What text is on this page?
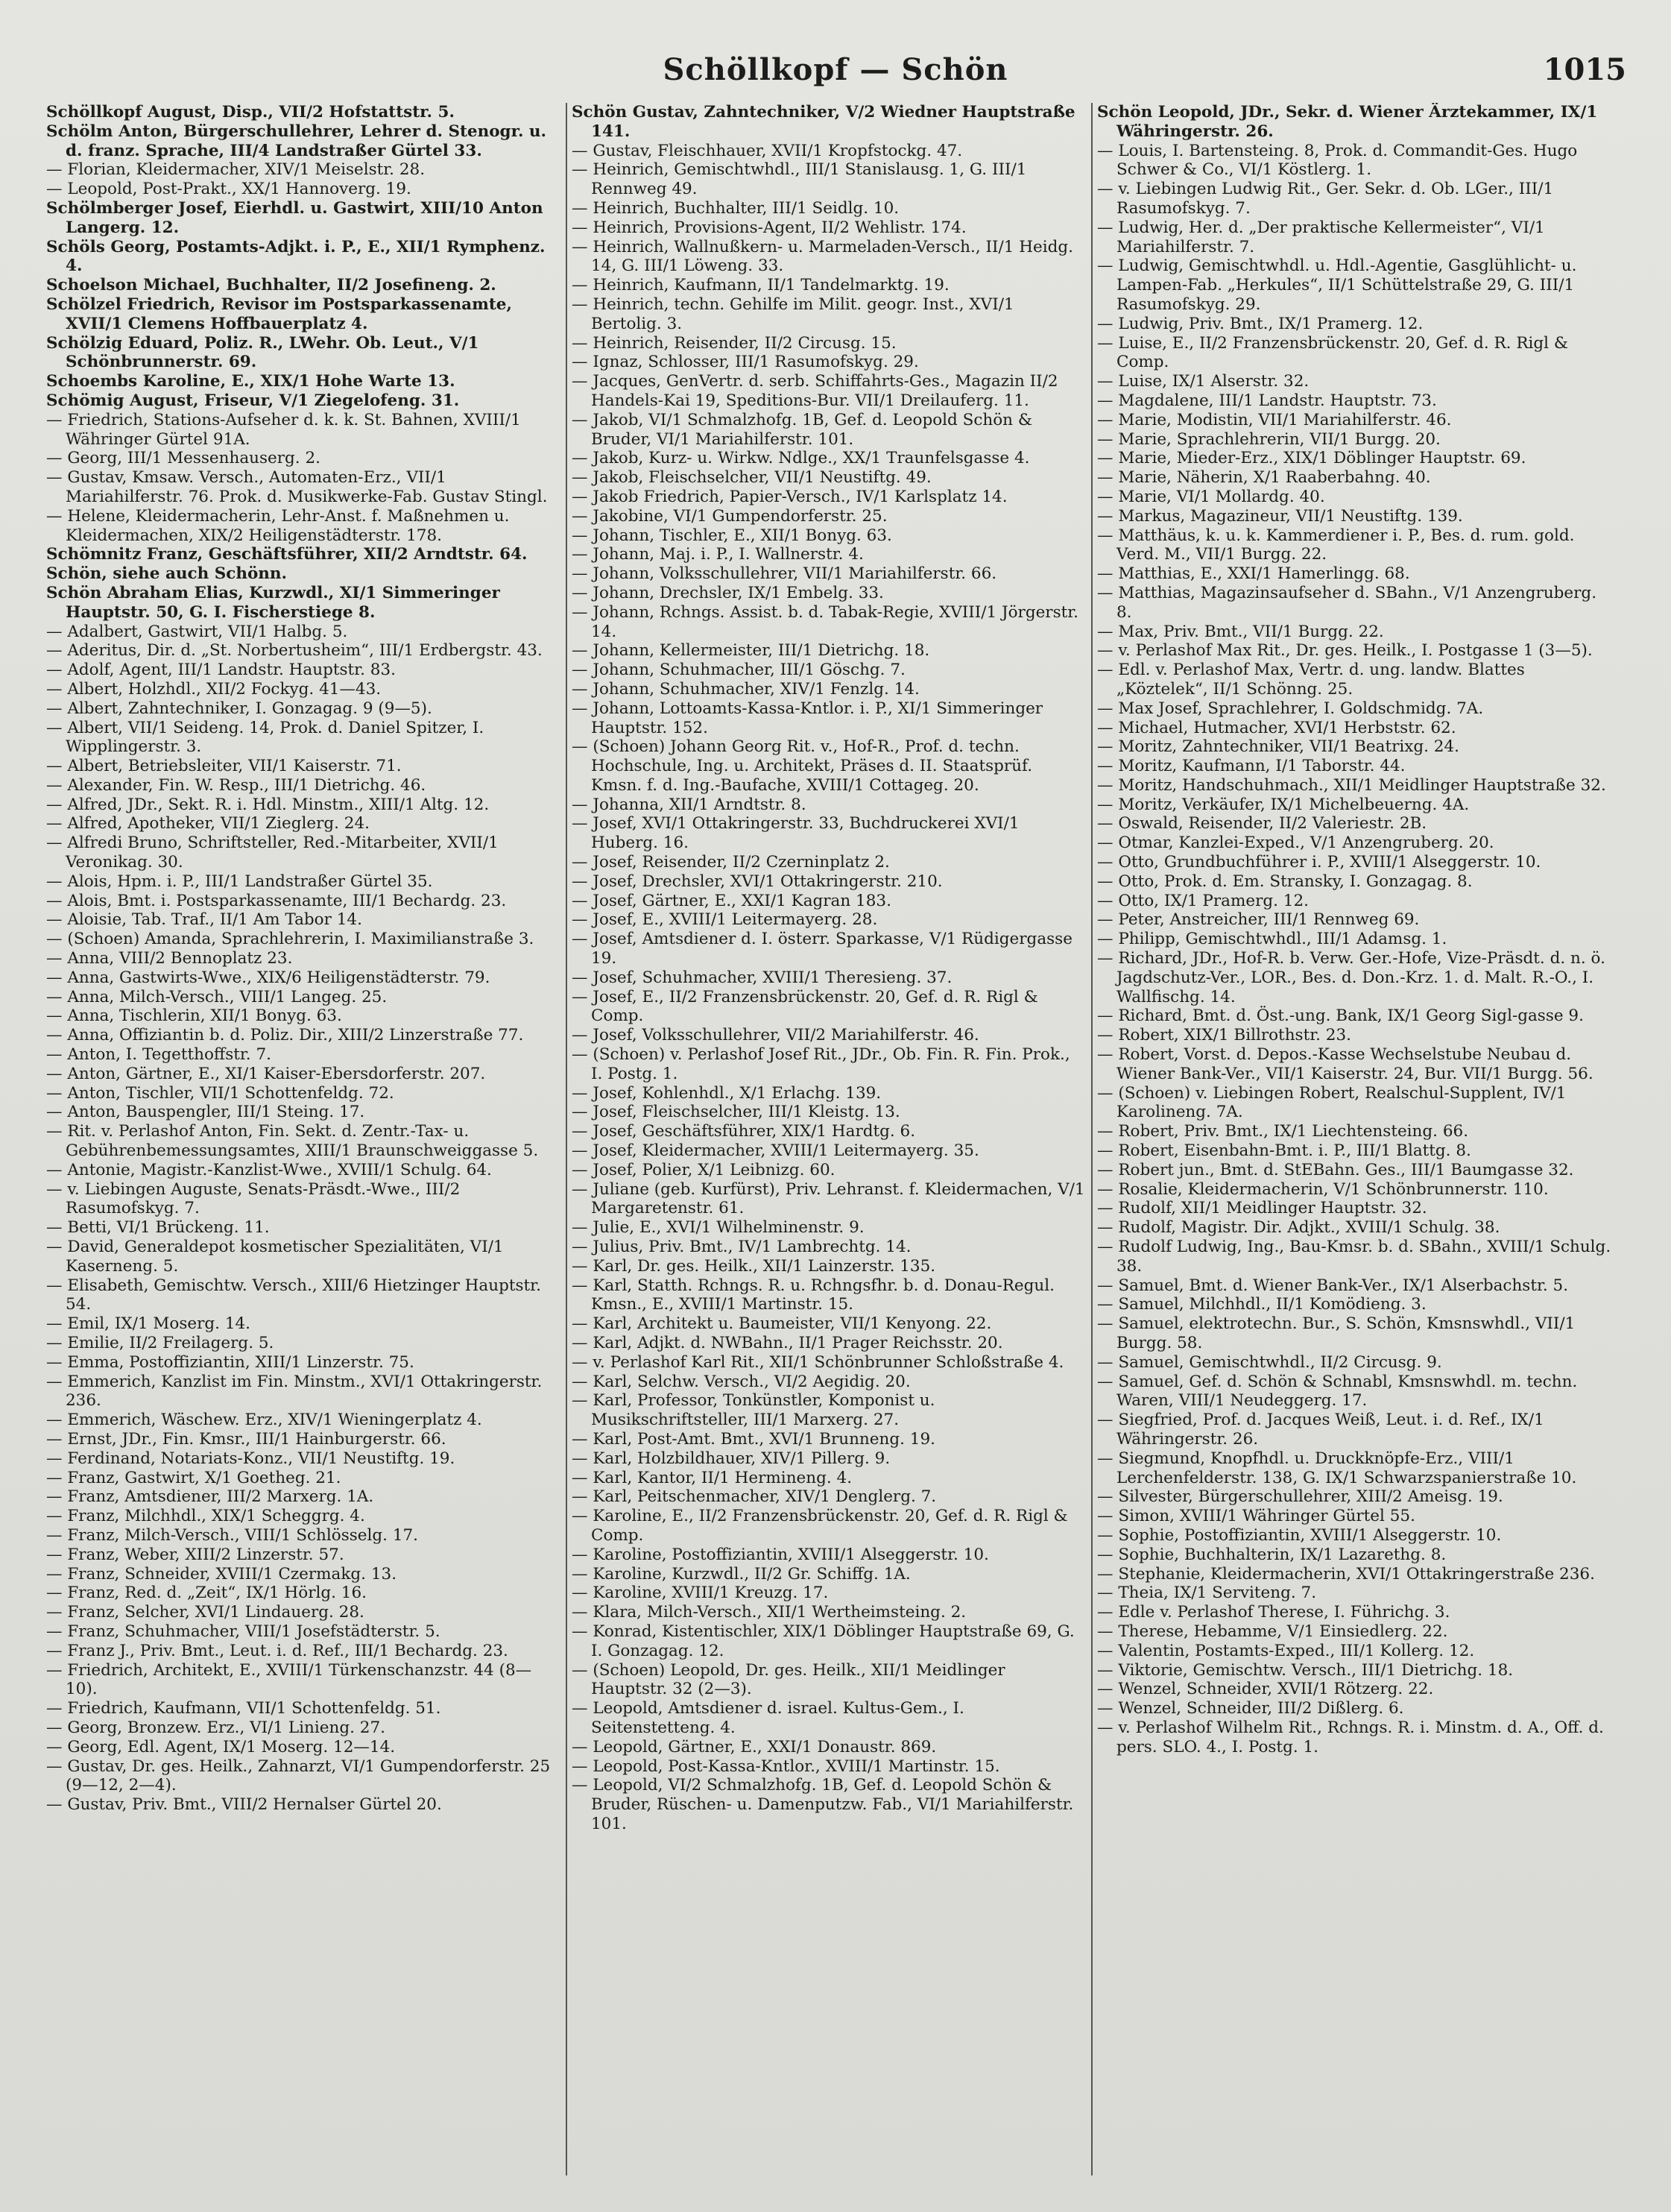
Schöllkopf — Schön	1015
Schöllkopf August, Disp., VII/2 Hofstattstr. 5.
Schölm Anton, Bürgerschullehrer, Lehrer d. Stenogr. u. d. franz. Sprache, III/4 Landstraßer Gürtel 33.
— Florian, Kleidermacher, XIV/1 Meiselstr. 28.
— Leopold, Post-Prakt., XX/1 Hannoverg. 19.
Schölmberger Josef, Eierhdl. u. Gastwirt, XIII/10 Anton Langerg. 12.
Schöls Georg, Postamts-Adjkt. i. P., E., XII/1 Rymphenz. 4.
Schoelson Michael, Buchhalter, II/2 Josefineng. 2.
Schölzel Friedrich, Revisor im Postsparkassenamte, XVII/1 Clemens Hoffbauerplatz 4.
Schölzig Eduard, Poliz. R., LWehr. Ob. Leut., V/1 Schönbrunnerstr. 69.
Schoembs Karoline, E., XIX/1 Hohe Warte 13.
Schömig August, Friseur, V/1 Ziegelofeng. 31.
— Friedrich, Stations-Aufseher d. k. k. St. Bahnen, XVIII/1 Währinger Gürtel 91A.
— Georg, III/1 Messenhauserg. 2.
— Gustav, Kmsaw. Versch., Automaten-Erz., VII/1 Mariahilferstr. 76. Prok. d. Musikwerke-Fab. Gustav Stingl.
— Helene, Kleidermacherin, Lehr-Anst. f. Maßnehmen u. Kleidermachen, XIX/2 Heiligenstädterstr. 178.
Schömnitz Franz, Geschäftsführer, XII/2 Arndtstr. 64.
Schön, siehe auch Schönn.
Schön Abraham Elias, Kurzwdl., XI/1 Simmeringer Hauptstr. 50, G. I. Fischerstiege 8.
— Adalbert, Gastwirt, VII/1 Halbg. 5.
— Aderitus, Dir. d. „St. Norbertusheim“, III/1 Erdbergstr. 43.
— Adolf, Agent, III/1 Landstr. Hauptstr. 83.
— Albert, Holzhdl., XII/2 Fockyg. 41—43.
— Albert, Zahntechniker, I. Gonzagag. 9 (9—5).
— Albert, VII/1 Seideng. 14, Prok. d. Daniel Spitzer, I. Wipplingerstr. 3.
— Albert, Betriebsleiter, VII/1 Kaiserstr. 71.
— Alexander, Fin. W. Resp., III/1 Dietrichg. 46.
— Alfred, JDr., Sekt. R. i. Hdl. Minstm., XIII/1 Altg. 12.
— Alfred, Apotheker, VII/1 Zieglerg. 24.
— Alfredi Bruno, Schriftsteller, Red.-Mitarbeiter, XVII/1 Veronikag. 30.
— Alois, Hpm. i. P., III/1 Landstraßer Gürtel 35.
— Alois, Bmt. i. Postsparkassenamte, III/1 Bechardg. 23.
— Aloisie, Tab. Traf., II/1 Am Tabor 14.
— (Schoen) Amanda, Sprachlehrerin, I. Maximilianstraße 3.
— Anna, VIII/2 Bennoplatz 23.
— Anna, Gastwirts-Wwe., XIX/6 Heiligenstädterstr. 79.
— Anna, Milch-Versch., VIII/1 Langeg. 25.
— Anna, Tischlerin, XII/1 Bonyg. 63.
— Anna, Offiziantin b. d. Poliz. Dir., XIII/2 Linzerstraße 77.
— Anton, I. Tegetthoffstr. 7.
— Anton, Gärtner, E., XI/1 Kaiser-Ebersdorferstr. 207.
— Anton, Tischler, VII/1 Schottenfeldg. 72.
— Anton, Bauspengler, III/1 Steing. 17.
— Rit. v. Perlashof Anton, Fin. Sekt. d. Zentr.-Tax- u. Gebührenbemessungsamtes, XIII/1 Braunschweiggasse 5.
— Antonie, Magistr.-Kanzlist-Wwe., XVIII/1 Schulg. 64.
— v. Liebingen Auguste, Senats-Präsdt.-Wwe., III/2 Rasumofskyg. 7.
— Betti, VI/1 Brückeng. 11.
— David, Generaldepot kosmetischer Spezialitäten, VI/1 Kaserneng. 5.
— Elisabeth, Gemischtw. Versch., XIII/6 Hietzinger Hauptstr. 54.
— Emil, IX/1 Moserg. 14.
— Emilie, II/2 Freilagerg. 5.
— Emma, Postoffiziantin, XIII/1 Linzerstr. 75.
— Emmerich, Kanzlist im Fin. Minstm., XVI/1 Ottakringerstr. 236.
— Emmerich, Wäschew. Erz., XIV/1 Wieningerplatz 4.
— Ernst, JDr., Fin. Kmsr., III/1 Hainburgerstr. 66.
— Ferdinand, Notariats-Konz., VII/1 Neustiftg. 19.
— Franz, Gastwirt, X/1 Goetheg. 21.
— Franz, Amtsdiener, III/2 Marxerg. 1A.
— Franz, Milchhdl., XIX/1 Scheggrg. 4.
— Franz, Milch-Versch., VIII/1 Schlösselg. 17.
— Franz, Weber, XIII/2 Linzerstr. 57.
— Franz, Schneider, XVIII/1 Czermakg. 13.
— Franz, Red. d. „Zeit“, IX/1 Hörlg. 16.
— Franz, Selcher, XVI/1 Lindauerg. 28.
— Franz, Schuhmacher, VIII/1 Josefstädterstr. 5.
— Franz J., Priv. Bmt., Leut. i. d. Ref., III/1 Bechardg. 23.
— Friedrich, Architekt, E., XVIII/1 Türkenschanzstr. 44 (8—10).
— Friedrich, Kaufmann, VII/1 Schottenfeldg. 51.
— Georg, Bronzew. Erz., VI/1 Linieng. 27.
— Georg, Edl. Agent, IX/1 Moserg. 12—14.
— Gustav, Dr. ges. Heilk., Zahnarzt, VI/1 Gumpendorferstr. 25 (9—12, 2—4).
— Gustav, Priv. Bmt., VIII/2 Hernalser Gürtel 20.
Schön Gustav, Zahntechniker, V/2 Wiedner Hauptstraße 141.
— Gustav, Fleischhauer, XVII/1 Kropfstockg. 47.
— Heinrich, Gemischtwhdl., III/1 Stanislausg. 1, G. III/1 Rennweg 49.
— Heinrich, Buchhalter, III/1 Seidlg. 10.
— Heinrich, Provisions-Agent, II/2 Wehlistr. 174.
— Heinrich, Wallnußkern- u. Marmeladen-Versch., II/1 Heidg. 14, G. III/1 Löweng. 33.
— Heinrich, Kaufmann, II/1 Tandelmarktg. 19.
— Heinrich, techn. Gehilfe im Milit. geogr. Inst., XVI/1 Bertolig. 3.
— Heinrich, Reisender, II/2 Circusg. 15.
— Ignaz, Schlosser, III/1 Rasumofskyg. 29.
— Jacques, GenVertr. d. serb. Schiffahrts-Ges., Magazin II/2 Handels-Kai 19, Speditions-Bur. VII/1 Dreilauferg. 11.
— Jakob, VI/1 Schmalzhofg. 1B, Gef. d. Leopold Schön & Bruder, VI/1 Mariahilferstr. 101.
— Jakob, Kurz- u. Wirkw. Ndlge., XX/1 Traunfelsgasse 4.
— Jakob, Fleischselcher, VII/1 Neustiftg. 49.
— Jakob Friedrich, Papier-Versch., IV/1 Karlsplatz 14.
— Jakobine, VI/1 Gumpendorferstr. 25.
— Johann, Tischler, E., XII/1 Bonyg. 63.
— Johann, Maj. i. P., I. Wallnerstr. 4.
— Johann, Volksschullehrer, VII/1 Mariahilferstr. 66.
— Johann, Drechsler, IX/1 Embelg. 33.
— Johann, Rchngs. Assist. b. d. Tabak-Regie, XVIII/1 Jörgerstr. 14.
— Johann, Kellermeister, III/1 Dietrichg. 18.
— Johann, Schuhmacher, III/1 Göschg. 7.
— Johann, Schuhmacher, XIV/1 Fenzlg. 14.
— Johann, Lottoamts-Kassa-Kntlor. i. P., XI/1 Simmeringer Hauptstr. 152.
— (Schoen) Johann Georg Rit. v., Hof-R., Prof. d. techn. Hochschule, Ing. u. Architekt, Präses d. II. Staatsprüf. Kmsn. f. d. Ing.-Baufache, XVIII/1 Cottageg. 20.
— Johanna, XII/1 Arndtstr. 8.
— Josef, XVI/1 Ottakringerstr. 33, Buchdruckerei XVI/1 Huberg. 16.
— Josef, Reisender, II/2 Czerninplatz 2.
— Josef, Drechsler, XVI/1 Ottakringerstr. 210.
— Josef, Gärtner, E., XXI/1 Kagran 183.
— Josef, E., XVIII/1 Leitermayerg. 28.
— Josef, Amtsdiener d. I. österr. Sparkasse, V/1 Rüdigergasse 19.
— Josef, Schuhmacher, XVIII/1 Theresieng. 37.
— Josef, E., II/2 Franzensbrückenstr. 20, Gef. d. R. Rigl & Comp.
— Josef, Volksschullehrer, VII/2 Mariahilferstr. 46.
— (Schoen) v. Perlashof Josef Rit., JDr., Ob. Fin. R. Fin. Prok., I. Postg. 1.
— Josef, Kohlenhdl., X/1 Erlachg. 139.
— Josef, Fleischselcher, III/1 Kleistg. 13.
— Josef, Geschäftsführer, XIX/1 Hardtg. 6.
— Josef, Kleidermacher, XVIII/1 Leitermayerg. 35.
— Josef, Polier, X/1 Leibnizg. 60.
— Juliane (geb. Kurfürst), Priv. Lehranst. f. Kleidermachen, V/1 Margaretenstr. 61.
— Julie, E., XVI/1 Wilhelminenstr. 9.
— Julius, Priv. Bmt., IV/1 Lambrechtg. 14.
— Karl, Dr. ges. Heilk., XII/1 Lainzerstr. 135.
— Karl, Statth. Rchngs. R. u. Rchngsfhr. b. d. Donau-Regul. Kmsn., E., XVIII/1 Martinstr. 15.
— Karl, Architekt u. Baumeister, VII/1 Kenyong. 22.
— Karl, Adjkt. d. NWBahn., II/1 Prager Reichsstr. 20.
— v. Perlashof Karl Rit., XII/1 Schönbrunner Schloßstraße 4.
— Karl, Selchw. Versch., VI/2 Aegidig. 20.
— Karl, Professor, Tonkünstler, Komponist u. Musikschriftsteller, III/1 Marxerg. 27.
— Karl, Post-Amt. Bmt., XVI/1 Brunneng. 19.
— Karl, Holzbildhauer, XIV/1 Pillerg. 9.
— Karl, Kantor, II/1 Hermineng. 4.
— Karl, Peitschenmacher, XIV/1 Denglerg. 7.
— Karoline, E., II/2 Franzensbrückenstr. 20, Gef. d. R. Rigl & Comp.
— Karoline, Postoffiziantin, XVIII/1 Alseggerstr. 10.
— Karoline, Kurzwdl., II/2 Gr. Schiffg. 1A.
— Karoline, XVIII/1 Kreuzg. 17.
— Klara, Milch-Versch., XII/1 Wertheimsteing. 2.
— Konrad, Kistentischler, XIX/1 Döblinger Hauptstraße 69, G. I. Gonzagag. 12.
— (Schoen) Leopold, Dr. ges. Heilk., XII/1 Meidlinger Hauptstr. 32 (2—3).
— Leopold, Amtsdiener d. israel. Kultus-Gem., I. Seitenstetteng. 4.
— Leopold, Gärtner, E., XXI/1 Donaustr. 869.
— Leopold, Post-Kassa-Kntlor., XVIII/1 Martinstr. 15.
— Leopold, VI/2 Schmalzhofg. 1B, Gef. d. Leopold Schön & Bruder, Rüschen- u. Damenputzw. Fab., VI/1 Mariahilferstr. 101.
Schön Leopold, JDr., Sekr. d. Wiener Ärztekammer, IX/1 Währingerstr. 26.
— Louis, I. Bartensteing. 8, Prok. d. Commandit-Ges. Hugo Schwer & Co., VI/1 Köstlerg. 1.
— v. Liebingen Ludwig Rit., Ger. Sekr. d. Ob. LGer., III/1 Rasumofskyg. 7.
— Ludwig, Her. d. „Der praktische Kellermeister“, VI/1 Mariahilferstr. 7.
— Ludwig, Gemischtwhdl. u. Hdl.-Agentie, Gasglühlicht- u. Lampen-Fab. „Herkules“, II/1 Schüttelstraße 29, G. III/1 Rasumofskyg. 29.
— Ludwig, Priv. Bmt., IX/1 Pramerg. 12.
— Luise, E., II/2 Franzensbrückenstr. 20, Gef. d. R. Rigl & Comp.
— Luise, IX/1 Alserstr. 32.
— Magdalene, III/1 Landstr. Hauptstr. 73.
— Marie, Modistin, VII/1 Mariahilferstr. 46.
— Marie, Sprachlehrerin, VII/1 Burgg. 20.
— Marie, Mieder-Erz., XIX/1 Döblinger Hauptstr. 69.
— Marie, Näherin, X/1 Raaberbahng. 40.
— Marie, VI/1 Mollardg. 40.
— Markus, Magazineur, VII/1 Neustiftg. 139.
— Matthäus, k. u. k. Kammerdiener i. P., Bes. d. rum. gold. Verd. M., VII/1 Burgg. 22.
— Matthias, E., XXI/1 Hamerlingg. 68.
— Matthias, Magazinsaufseher d. SBahn., V/1 Anzengruberg. 8.
— Max, Priv. Bmt., VII/1 Burgg. 22.
— v. Perlashof Max Rit., Dr. ges. Heilk., I. Postgasse 1 (3—5).
— Edl. v. Perlashof Max, Vertr. d. ung. landw. Blattes „Köztelek“, II/1 Schönng. 25.
— Max Josef, Sprachlehrer, I. Goldschmidg. 7A.
— Michael, Hutmacher, XVI/1 Herbststr. 62.
— Moritz, Zahntechniker, VII/1 Beatrixg. 24.
— Moritz, Kaufmann, I/1 Taborstr. 44.
— Moritz, Handschuhmach., XII/1 Meidlinger Hauptstraße 32.
— Moritz, Verkäufer, IX/1 Michelbeuerng. 4A.
— Oswald, Reisender, II/2 Valeriestr. 2B.
— Otmar, Kanzlei-Exped., V/1 Anzengruberg. 20.
— Otto, Grundbuchführer i. P., XVIII/1 Alseggerstr. 10.
— Otto, Prok. d. Em. Stransky, I. Gonzagag. 8.
— Otto, IX/1 Pramerg. 12.
— Peter, Anstreicher, III/1 Rennweg 69.
— Philipp, Gemischtwhdl., III/1 Adamsg. 1.
— Richard, JDr., Hof-R. b. Verw. Ger.-Hofe, Vize-Präsdt. d. n. ö. Jagdschutz-Ver., LOR., Bes. d. Don.-Krz. 1. d. Malt. R.-O., I. Wallfischg. 14.
— Richard, Bmt. d. Öst.-ung. Bank, IX/1 Georg Sigl-gasse 9.
— Robert, XIX/1 Billrothstr. 23.
— Robert, Vorst. d. Depos.-Kasse Wechselstube Neubau d. Wiener Bank-Ver., VII/1 Kaiserstr. 24, Bur. VII/1 Burgg. 56.
— (Schoen) v. Liebingen Robert, Realschul-Supplent, IV/1 Karolineng. 7A.
— Robert, Priv. Bmt., IX/1 Liechtensteing. 66.
— Robert, Eisenbahn-Bmt. i. P., III/1 Blattg. 8.
— Robert jun., Bmt. d. StEBahn. Ges., III/1 Baumgasse 32.
— Rosalie, Kleidermacherin, V/1 Schönbrunnerstr. 110.
— Rudolf, XII/1 Meidlinger Hauptstr. 32.
— Rudolf, Magistr. Dir. Adjkt., XVIII/1 Schulg. 38.
— Rudolf Ludwig, Ing., Bau-Kmsr. b. d. SBahn., XVIII/1 Schulg. 38.
— Samuel, Bmt. d. Wiener Bank-Ver., IX/1 Alserbachstr. 5.
— Samuel, Milchhdl., II/1 Komödieng. 3.
— Samuel, elektrotechn. Bur., S. Schön, Kmsnswhdl., VII/1 Burgg. 58.
— Samuel, Gemischtwhdl., II/2 Circusg. 9.
— Samuel, Gef. d. Schön & Schnabl, Kmsnswhdl. m. techn. Waren, VIII/1 Neudeggerg. 17.
— Siegfried, Prof. d. Jacques Weiß, Leut. i. d. Ref., IX/1 Währingerstr. 26.
— Siegmund, Knopfhdl. u. Druckknöpfe-Erz., VIII/1 Lerchenfelderstr. 138, G. IX/1 Schwarzspanierstraße 10.
— Silvester, Bürgerschullehrer, XIII/2 Ameisg. 19.
— Simon, XVIII/1 Währinger Gürtel 55.
— Sophie, Postoffiziantin, XVIII/1 Alseggerstr. 10.
— Sophie, Buchhalterin, IX/1 Lazarethg. 8.
— Stephanie, Kleidermacherin, XVI/1 Ottakringerstraße 236.
— Theia, IX/1 Serviteng. 7.
— Edle v. Perlashof Therese, I. Führichg. 3.
— Therese, Hebamme, V/1 Einsiedlerg. 22.
— Valentin, Postamts-Exped., III/1 Kollerg. 12.
— Viktorie, Gemischtw. Versch., III/1 Dietrichg. 18.
— Wenzel, Schneider, XVII/1 Rötzerg. 22.
— Wenzel, Schneider, III/2 Dißlerg. 6.
— v. Perlashof Wilhelm Rit., Rchngs. R. i. Minstm. d. A., Off. d. pers. SLO. 4., I. Postg. 1.
